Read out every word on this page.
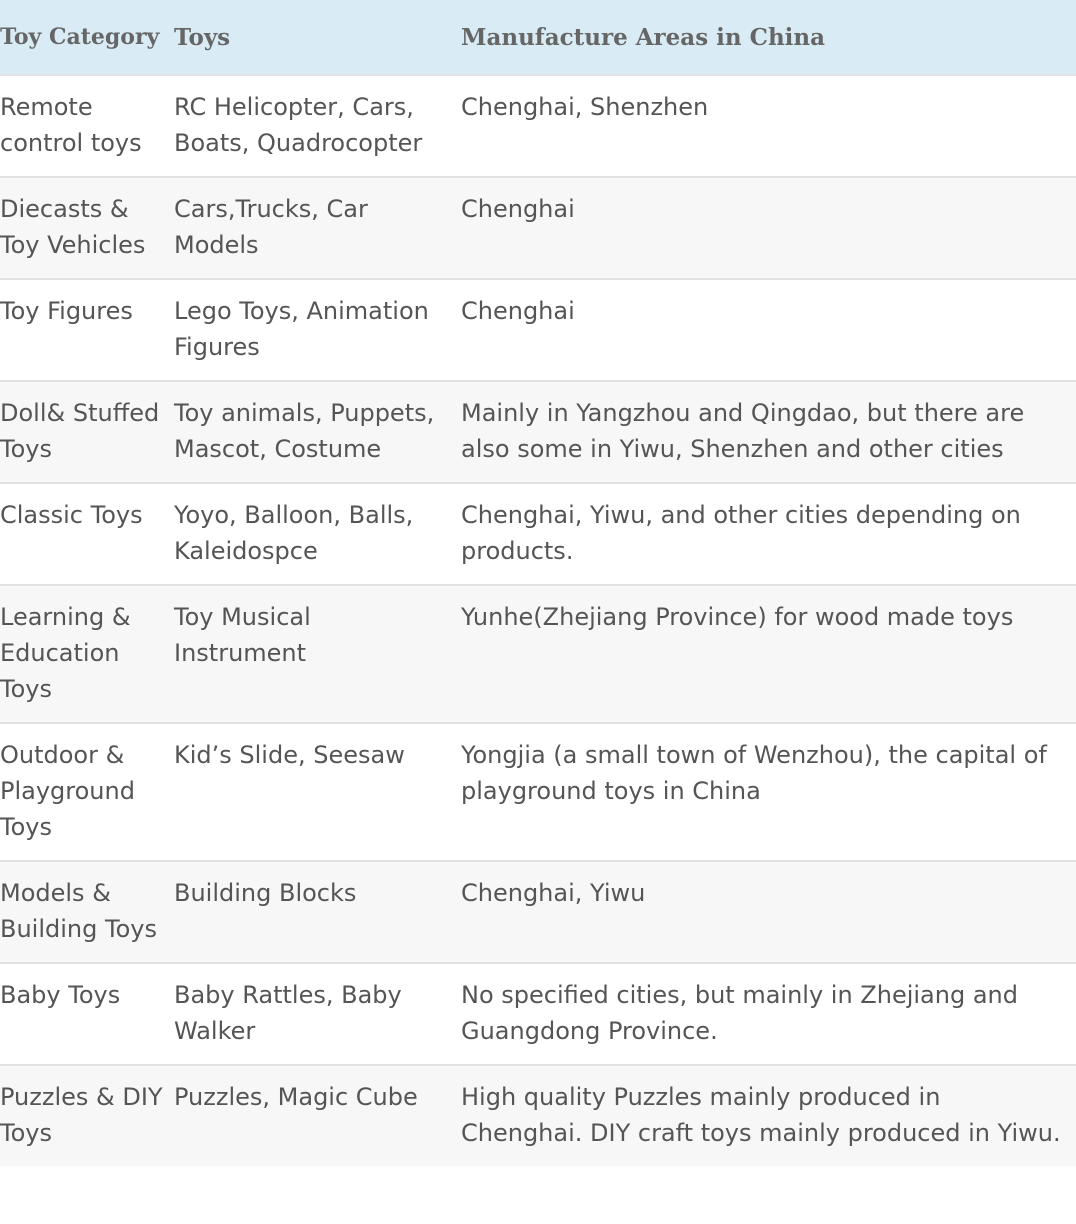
Toy Category	Toys	Manufacture Areas in China
Remote control toys	RC Helicopter, Cars, Boats, Quadrocopter	Chenghai, Shenzhen
Diecasts & Toy Vehicles	Cars,Trucks, Car Models	Chenghai
Toy Figures	Lego Toys, Animation Figures	Chenghai
Doll& Stuffed Toys	Toy animals, Puppets, Mascot, Costume	Mainly in Yangzhou and Qingdao, but there are also some in Yiwu, Shenzhen and other cities
Classic Toys	Yoyo, Balloon, Balls, Kaleidospce	Chenghai, Yiwu, and other cities depending on products.
Learning & Education Toys	Toy Musical Instrument	Yunhe(Zhejiang Province) for wood made toys
Outdoor & Playground Toys	Kid’s Slide, Seesaw	Yongjia (a small town of Wenzhou), the capital of playground toys in China
Models & Building Toys	Building Blocks	Chenghai, Yiwu
Baby Toys	Baby Rattles, Baby Walker	No specified cities, but mainly in Zhejiang and Guangdong Province.
Puzzles & DIY Toys	Puzzles, Magic Cube	High quality Puzzles mainly produced in Chenghai. DIY craft toys mainly produced in Yiwu.
